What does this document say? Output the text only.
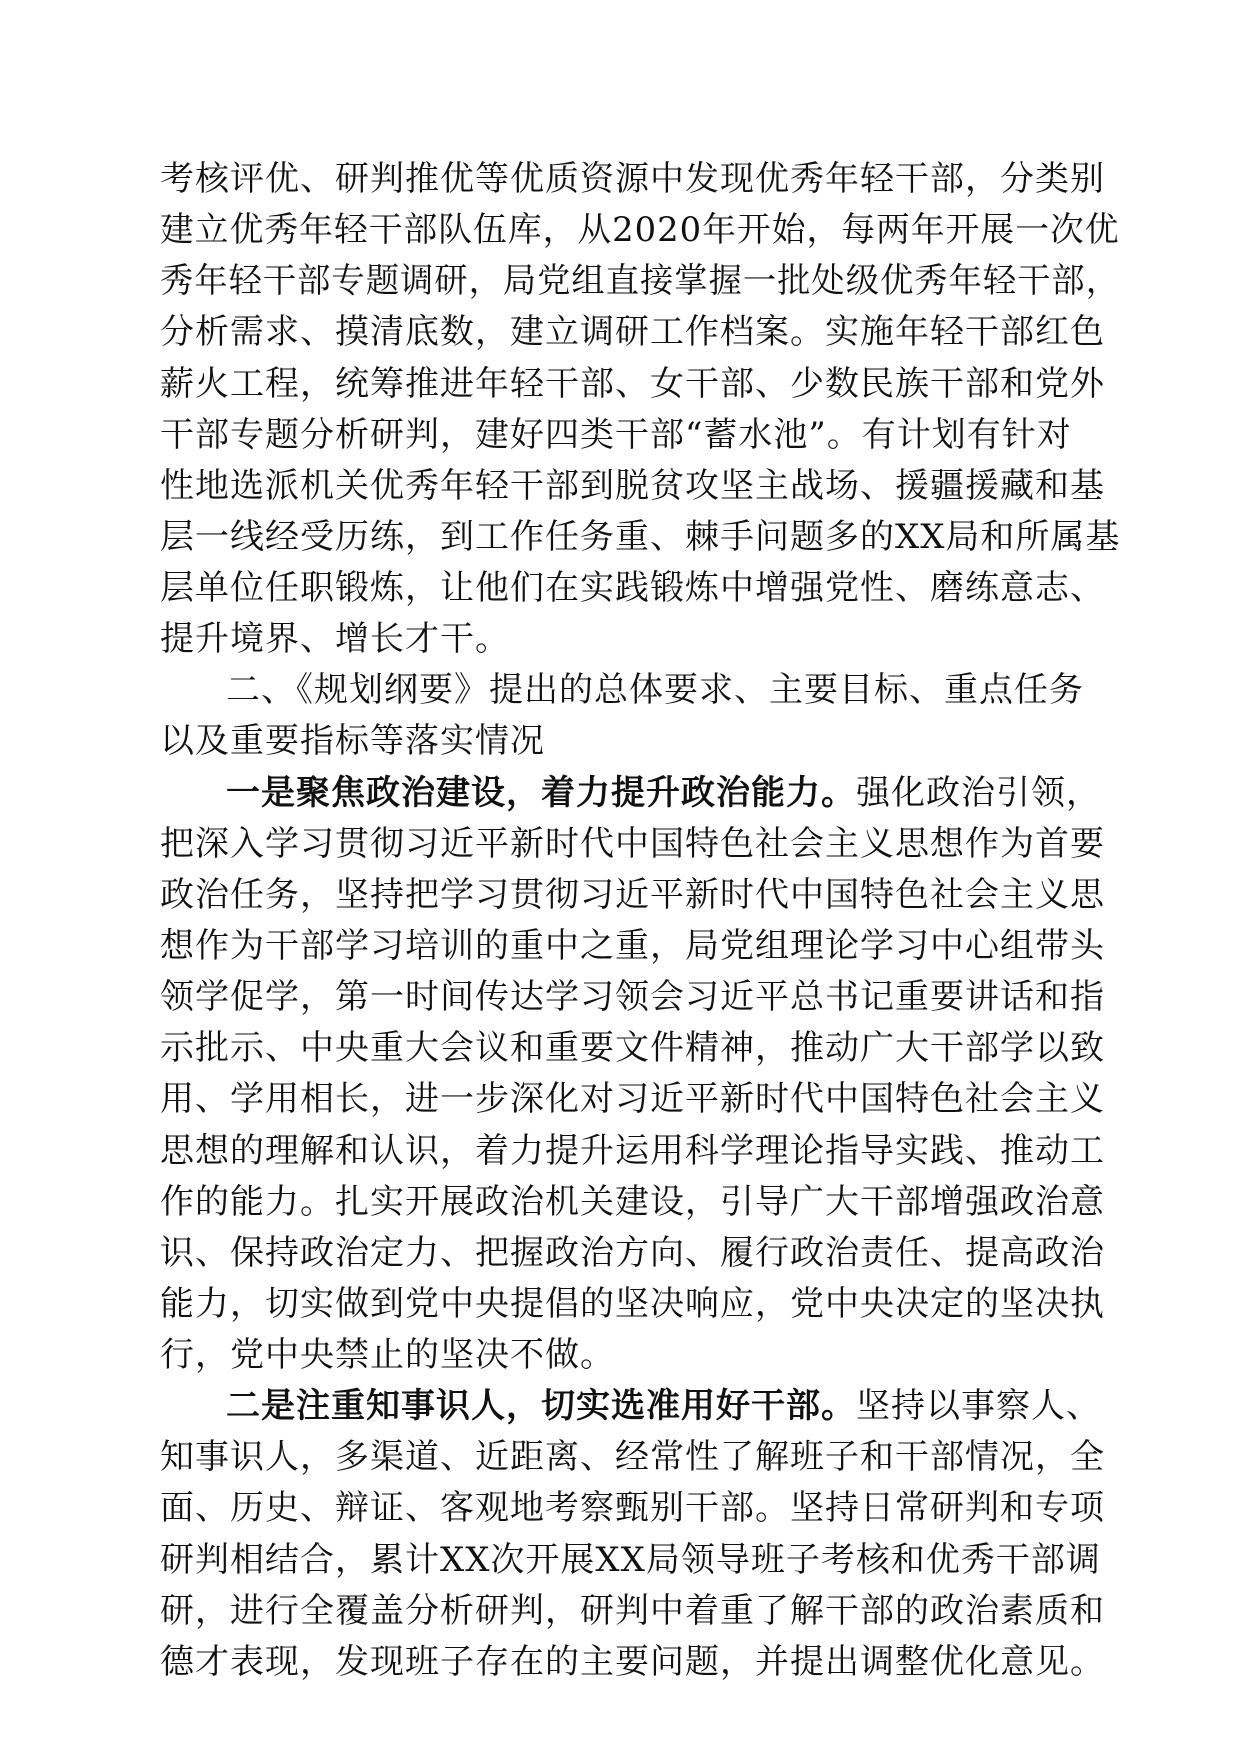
考核评优、研判推优等优质资源中发现优秀年轻干部，分类别
建立优秀年轻干部队伍库，从2020年开始，每两年开展一次优
秀年轻干部专题调研，局党组直接掌握一批处级优秀年轻干部，
分析需求、摸清底数，建立调研工作档案。实施年轻干部红色
薪火工程，统筹推进年轻干部、女干部、少数民族干部和党外
干部专题分析研判，建好四类干部“蓄水池”。有计划有针对
性地选派机关优秀年轻干部到脱贫攻坚主战场、援疆援藏和基
层一线经受历练，到工作任务重、棘手问题多的XX局和所属基
层单位任职锻炼，让他们在实践锻炼中增强党性、磨练意志、
提升境界、增长才干。
二、《规划纲要》提出的总体要求、主要目标、重点任务
以及重要指标等落实情况
一是聚焦政治建设，着力提升政治能力。强化政治引领，
把深入学习贯彻习近平新时代中国特色社会主义思想作为首要
政治任务，坚持把学习贯彻习近平新时代中国特色社会主义思
想作为干部学习培训的重中之重，局党组理论学习中心组带头
领学促学，第一时间传达学习领会习近平总书记重要讲话和指
示批示、中央重大会议和重要文件精神，推动广大干部学以致
用、学用相长，进一步深化对习近平新时代中国特色社会主义
思想的理解和认识，着力提升运用科学理论指导实践、推动工
作的能力。扎实开展政治机关建设，引导广大干部增强政治意
识、保持政治定力、把握政治方向、履行政治责任、提高政治
能力，切实做到党中央提倡的坚决响应，党中央决定的坚决执
行，党中央禁止的坚决不做。
二是注重知事识人，切实选准用好干部。坚持以事察人、
知事识人，多渠道、近距离、经常性了解班子和干部情况，全
面、历史、辩证、客观地考察甄别干部。坚持日常研判和专项
研判相结合，累计XX次开展XX局领导班子考核和优秀干部调
研，进行全覆盖分析研判，研判中着重了解干部的政治素质和
德才表现，发现班子存在的主要问题，并提出调整优化意见。
